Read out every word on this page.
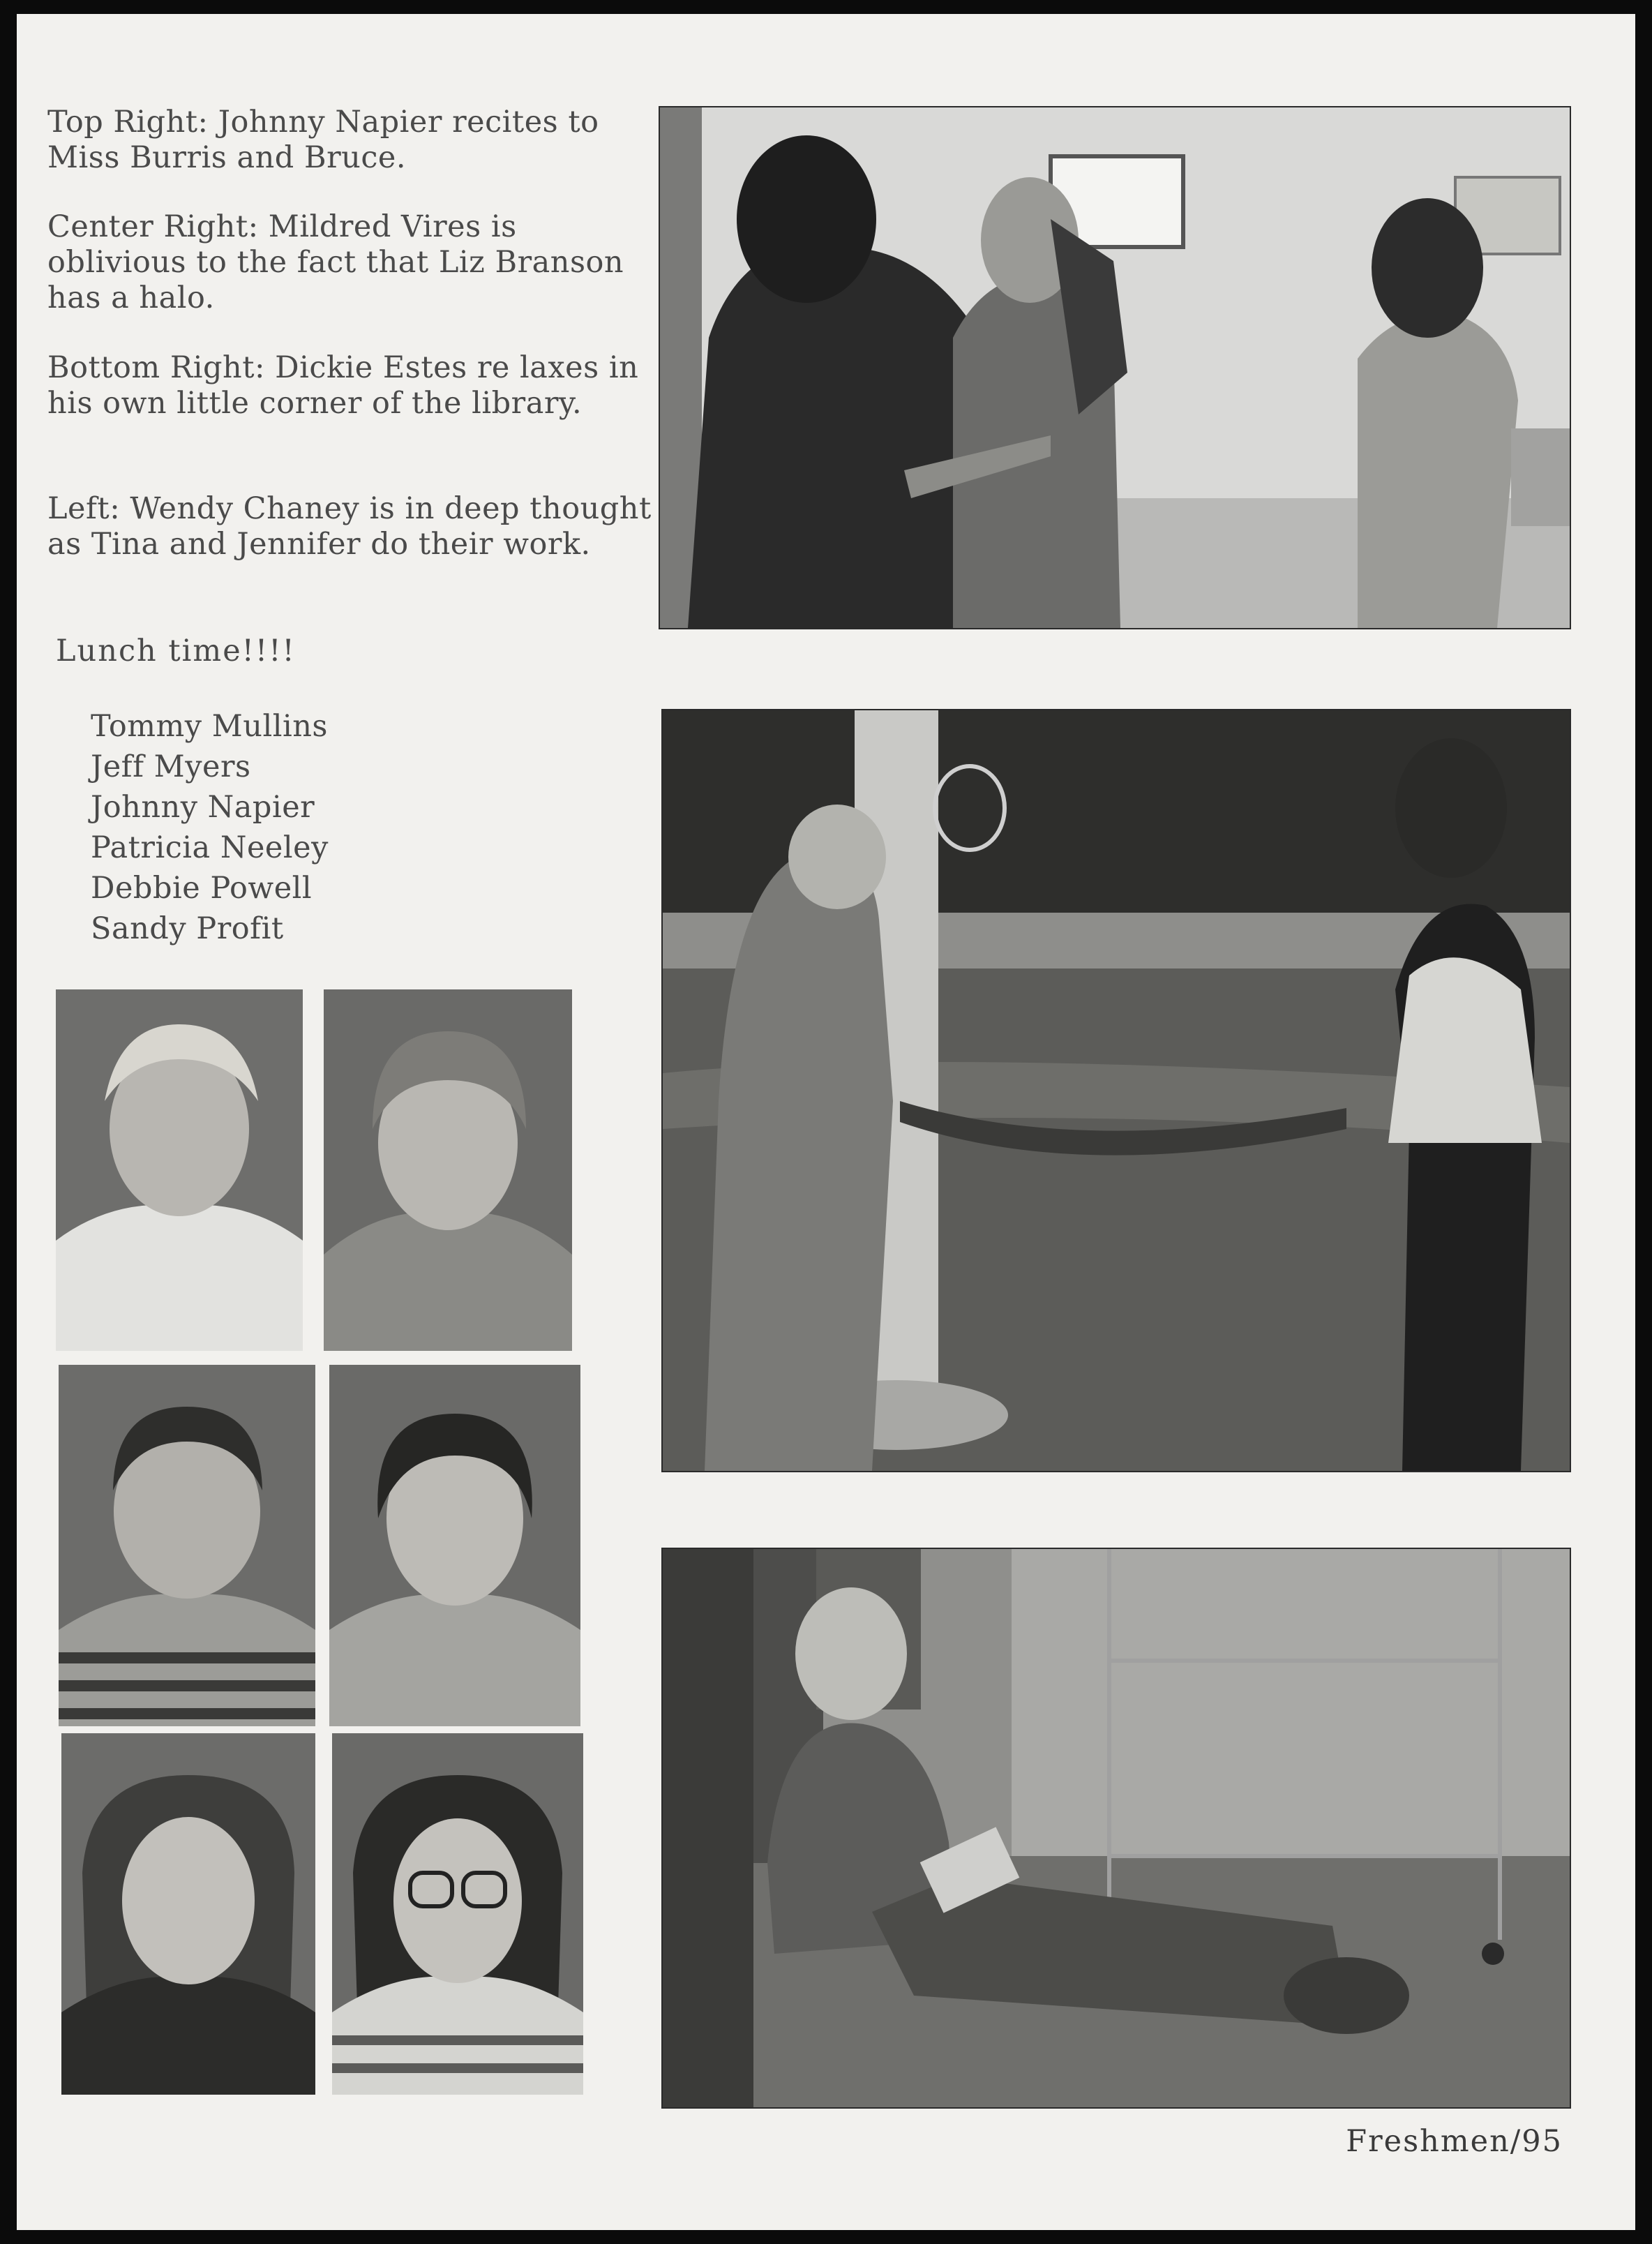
Top Right: Johnny Napier recites to Miss Burris and Bruce.

Center Right: Mildred Vires is oblivious to the fact that Liz Branson has a halo.

Bottom Right: Dickie Estes re laxes in his own little corner of the library.

Left: Wendy Chaney is in deep thought as Tina and Jennifer do their work.

Lunch time!!!!

Tommy Mullins
Jeff Myers
Johnny Napier
Patricia Neeley
Debbie Powell
Sandy Profit

Freshmen/95
